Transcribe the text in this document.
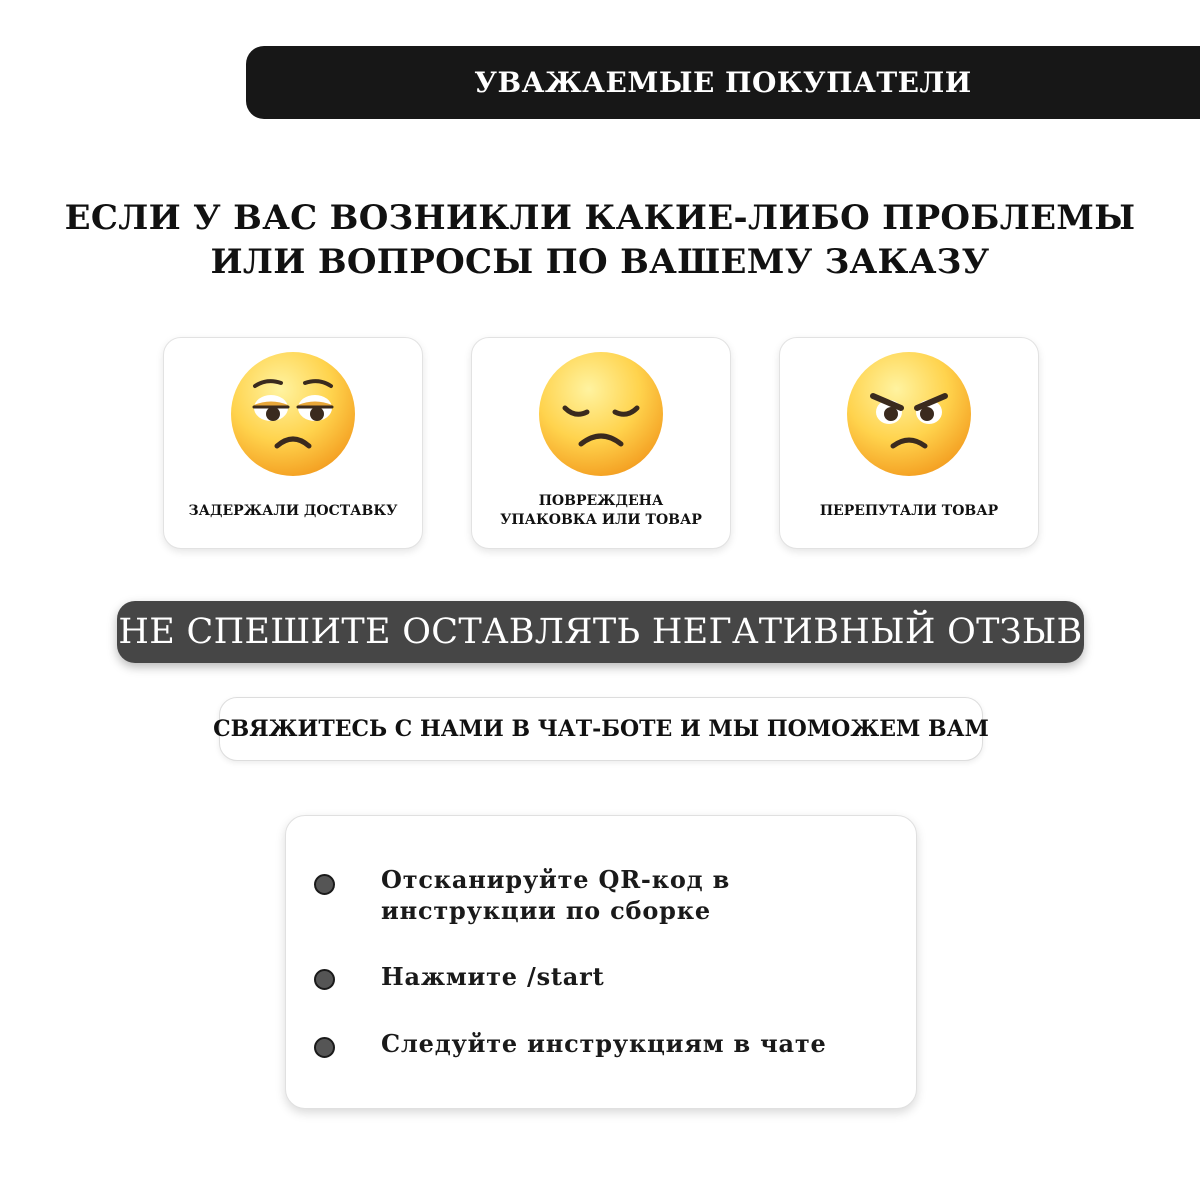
УВАЖАЕМЫЕ ПОКУПАТЕЛИ
ЕСЛИ У ВАС ВОЗНИКЛИ КАКИЕ-ЛИБО ПРОБЛЕМЫ
ИЛИ ВОПРОСЫ ПО ВАШЕМУ ЗАКАЗУ
ЗАДЕРЖАЛИ ДОСТАВКУ
ПОВРЕЖДЕНА
УПАКОВКА ИЛИ ТОВАР
ПЕРЕПУТАЛИ ТОВАР
НЕ СПЕШИТЕ ОСТАВЛЯТЬ НЕГАТИВНЫЙ ОТЗЫВ
СВЯЖИТЕСЬ С НАМИ В ЧАТ-БОТЕ И МЫ ПОМОЖЕМ ВАМ
Отсканируйте QR-код в
инструкции по сборке
Нажмите /start
Следуйте инструкциям в чате
